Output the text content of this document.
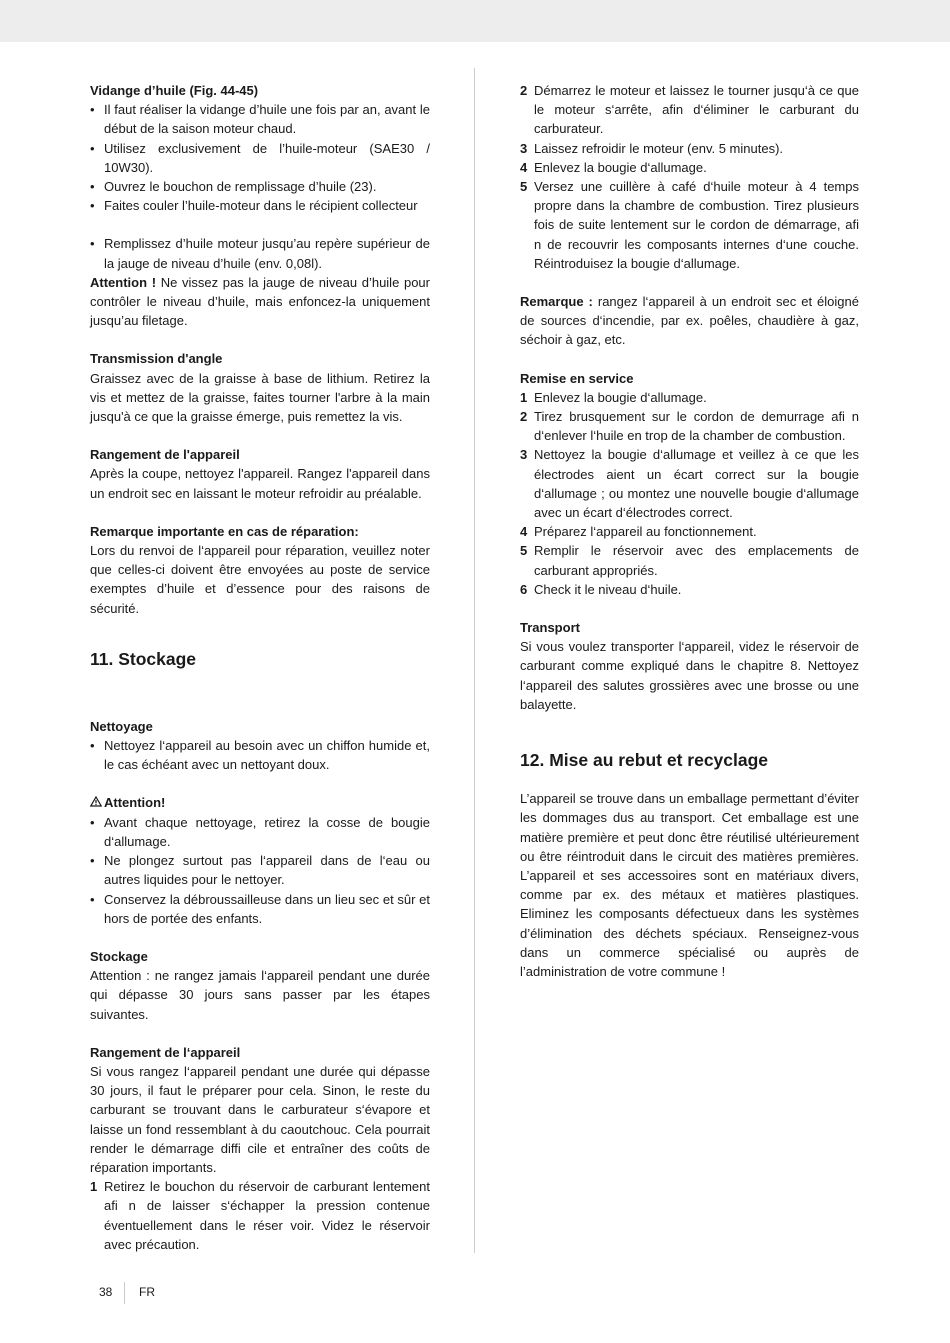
Vidange d’huile (Fig. 44-45)

• Il faut réaliser la vidange d’huile une fois par an, avant le début de la saison moteur chaud.
• Utilisez exclusivement de l’huile-moteur (SAE30 / 10W30).
• Ouvrez le bouchon de remplissage d’huile (23).
• Faites couler l’huile-moteur dans le récipient collecteur
• Remplissez d’huile moteur jusqu’au repère supérieur de la jauge de niveau d’huile (env. 0,08l).

Attention ! Ne vissez pas la jauge de niveau d’huile pour contrôler le niveau d’huile, mais enfoncez-la uniquement jusqu’au filetage.

Transmission d'angle

Graissez avec de la graisse à base de lithium. Retirez la vis et mettez de la graisse, faites tourner l'arbre à la main jusqu'à ce que la graisse émerge, puis remettez la vis.

Rangement de l'appareil

Après la coupe, nettoyez l'appareil. Rangez l'appareil dans un endroit sec en laissant le moteur refroidir au préalable.

Remarque importante en cas de réparation:

Lors du renvoi de l‘appareil pour réparation, veuillez noter que celles-ci doivent être envoyées au poste de service exemptes d’huile et d’essence pour des raisons de sécurité.

11. Stockage

Nettoyage

• Nettoyez l‘appareil au besoin avec un chiffon humide et, le cas échéant avec un nettoyant doux.

Attention!

• Avant chaque nettoyage, retirez la cosse de bougie d‘allumage.
• Ne plongez surtout pas l‘appareil dans de l‘eau ou autres liquides pour le nettoyer.
• Conservez la débroussailleuse dans un lieu sec et sûr et hors de portée des enfants.

Stockage

Attention : ne rangez jamais l‘appareil pendant une durée qui dépasse 30 jours sans passer par les étapes suivantes.

Rangement de l‘appareil

Si vous rangez l‘appareil pendant une durée qui dépasse 30 jours, il faut le préparer pour cela. Sinon, le reste du carburant se trouvant dans le carburateur s‘évapore et laisse un fond ressemblant à du caoutchouc. Cela pourrait render le démarrage diffi cile et entraîner des coûts de réparation importants.

1 Retirez le bouchon du réservoir de carburant lentement afi n de laisser s‘échapper la pression contenue éventuellement dans le réser voir. Videz le réservoir avec précaution.
2 Démarrez le moteur et laissez le tourner jusqu‘à ce que le moteur s‘arrête, afin d‘éliminer le carburant du carburateur.
3 Laissez refroidir le moteur (env. 5 minutes).
4 Enlevez la bougie d‘allumage.
5 Versez une cuillère à café d‘huile moteur à 4 temps propre dans la chambre de combustion. Tirez plusieurs fois de suite lentement sur le cordon de démarrage, afi n de recouvrir les composants internes d‘une couche. Réintroduisez la bougie d‘allumage.

Remarque : rangez l‘appareil à un endroit sec et éloigné de sources d‘incendie, par ex. poêles, chaudière à gaz, séchoir à gaz, etc.

Remise en service

1 Enlevez la bougie d‘allumage.
2 Tirez brusquement sur le cordon de demurrage afi n d‘enlever l‘huile en trop de la chamber de combustion.
3 Nettoyez la bougie d‘allumage et veillez à ce que les électrodes aient un écart correct sur la bougie d‘allumage ; ou montez une nouvelle bougie d‘allumage avec un écart d‘électrodes correct.
4 Préparez l‘appareil au fonctionnement.
5 Remplir le réservoir avec des emplacements de carburant appropriés.
6 Check it le niveau d‘huile.

Transport

Si vous voulez transporter l‘appareil, videz le réservoir de carburant comme expliqué dans le chapitre 8. Nettoyez l‘appareil des salutes grossières avec une brosse ou une balayette.

12. Mise au rebut et recyclage

L’appareil se trouve dans un emballage permettant d’éviter les dommages dus au transport. Cet emballage est une matière première et peut donc être réutilisé ultérieurement ou être réintroduit dans le circuit des matières premières. L’appareil et ses accessoires sont en matériaux divers, comme par ex. des métaux et matières plastiques. Eliminez les composants défectueux dans les systèmes d’élimination des déchets spéciaux. Renseignez-vous dans un commerce spécialisé ou auprès de l’administration de votre commune !

38 FR
